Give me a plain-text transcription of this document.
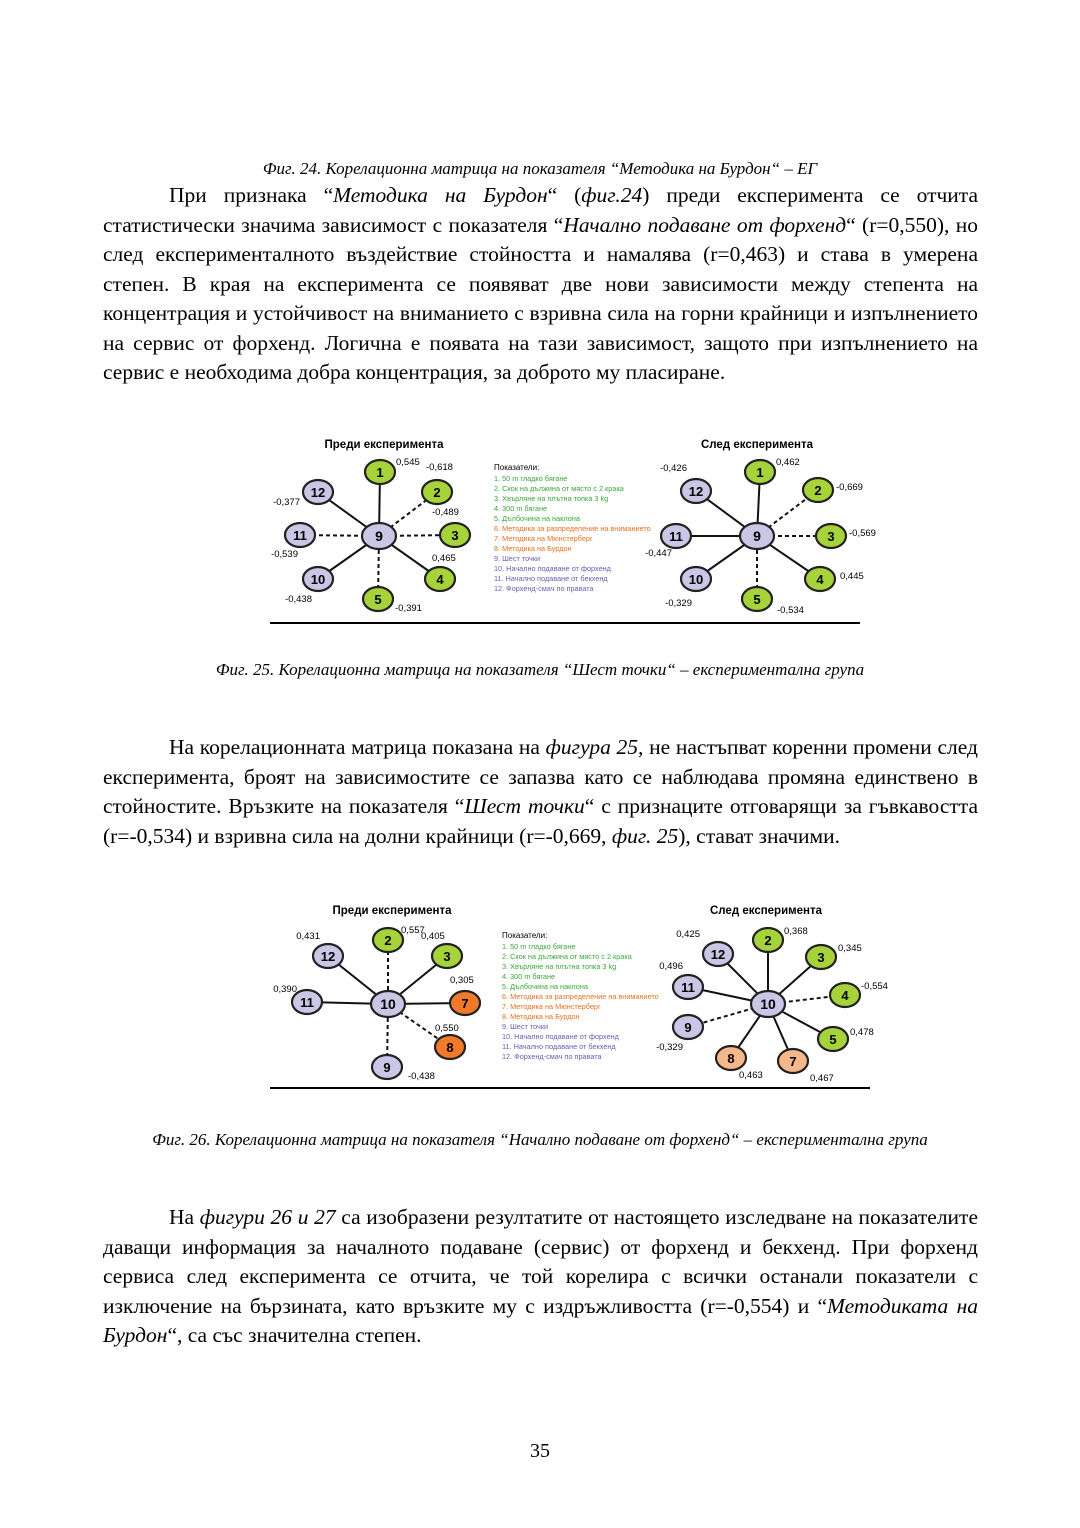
Фиг. 24. Корелационна матрица на показателя “Методика на Бурдон“ – ЕГ
При признака “Методика на Бурдон“ (фиг.24) преди експеримента се отчита статистически значима зависимост с показателя “Начално подаване от форхенд“ (r=0,550), но след експерименталното въздействие стойността и намалява (r=0,463) и става в умерена степен. В края на експеримента се появяват две нови зависимости между степента на концентрация и устойчивост на вниманието с взривна сила на горни крайници и изпълнението на сервис от форхенд. Логична е появата на тази зависимост, защото при изпълнението на сервис е необходима добра концентрация, за доброто му пласиране.
Преди експеримента	След експеримента
9
1
0,545
2
-0,618
3
-0,489
4
0,465
5
-0,391
10
-0,438
11
-0,539
12
-0,377
9
1
0,462
2 -0,669
3 -0,569
4 0,445
5
-0,534
10
-0,329
11
-0,447
12
-0,426
Показатели:
1. 50 m гладко бягане
2. Скок на дължина от място с 2 крака
3. Хвърляне на плътна топка 3 kg
4. 300 m бягане
5. Дълбочина на наклона
6. Методика за разпределение на вниманието
7. Методика на Мюнстерберг
8. Методика на Бурдон
9. Шест точки
10. Начално подаване от форхенд
11. Начално подаване от бекхенд
12. Форхенд-смач по правата
Фиг. 25. Корелационна матрица на показателя “Шест точки“ – експериментална група
На корелационната матрица показана на фигура 25, не настъпват коренни промени след експеримента, броят на зависимостите се запазва като се наблюдава промяна единствено в стойностите. Връзките на показателя “Шест точки“ с признаците отговарящи за гъвкавостта (r=-0,534) и взривна сила на долни крайници (r=-0,669, фиг. 25), стават значими.
Преди експеримента	След експеримента
10
2
0,557
3
0,405
7
0,305
8
0,550
9
-0,438
11
0,390
12
0,431
10
2
0,368
3
0,345
4
-0,554
5 0,478
7
0,467
8
0,463
9
-0,329
11
0,496
12
0,425
Показатели:
1. 50 m гладко бягане
2. Скок на дължина от място с 2 крака
3. Хвърляне на плътна топка 3 kg
4. 300 m бягане
5. Дълбочина на наклона
6. Методика за разпределение на вниманието
7. Методика на Мюнстерберг
8. Методика на Бурдон
9. Шест точки
10. Начално подаване от форхенд
11. Начално подаване от бекхенд
12. Форхенд-смач по правата
Фиг. 26. Корелационна матрица на показателя “Начално подаване от форхенд“ – експериментална група
На фигури 26 и 27 са изобразени резултатите от настоящето изследване на показателите даващи информация за началното подаване (сервис) от форхенд и бекхенд. При форхенд сервиса след експеримента се отчита, че той корелира с всички останали показатели с изключение на бързината, като връзките му с издръжливостта (r=-0,554) и “Методиката на Бурдон“, са със значителна степен.
35
